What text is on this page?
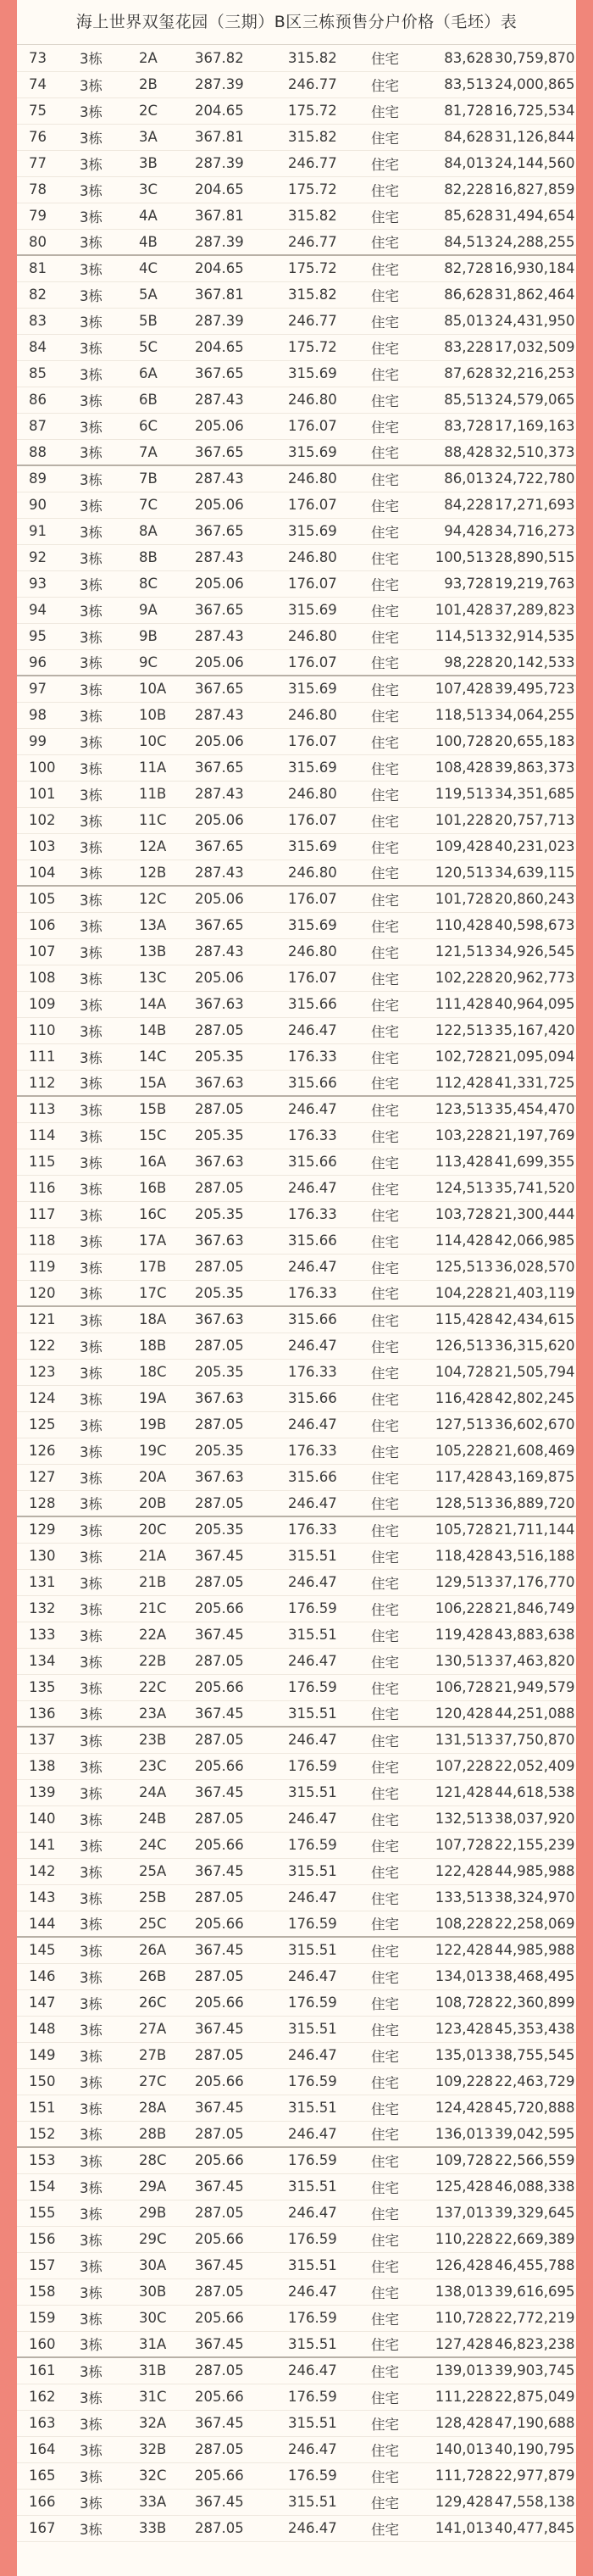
海上世界双玺花园（三期）B区三栋预售分户价格（毛坯）表
73	3栋	2A	367.82	315.82	住宅	83,628	30,759,870
74	3栋	2B	287.39	246.77	住宅	83,513	24,000,865
75	3栋	2C	204.65	175.72	住宅	81,728	16,725,534
76	3栋	3A	367.81	315.82	住宅	84,628	31,126,844
77	3栋	3B	287.39	246.77	住宅	84,013	24,144,560
78	3栋	3C	204.65	175.72	住宅	82,228	16,827,859
79	3栋	4A	367.81	315.82	住宅	85,628	31,494,654
80	3栋	4B	287.39	246.77	住宅	84,513	24,288,255
81	3栋	4C	204.65	175.72	住宅	82,728	16,930,184
82	3栋	5A	367.81	315.82	住宅	86,628	31,862,464
83	3栋	5B	287.39	246.77	住宅	85,013	24,431,950
84	3栋	5C	204.65	175.72	住宅	83,228	17,032,509
85	3栋	6A	367.65	315.69	住宅	87,628	32,216,253
86	3栋	6B	287.43	246.80	住宅	85,513	24,579,065
87	3栋	6C	205.06	176.07	住宅	83,728	17,169,163
88	3栋	7A	367.65	315.69	住宅	88,428	32,510,373
89	3栋	7B	287.43	246.80	住宅	86,013	24,722,780
90	3栋	7C	205.06	176.07	住宅	84,228	17,271,693
91	3栋	8A	367.65	315.69	住宅	94,428	34,716,273
92	3栋	8B	287.43	246.80	住宅	100,513	28,890,515
93	3栋	8C	205.06	176.07	住宅	93,728	19,219,763
94	3栋	9A	367.65	315.69	住宅	101,428	37,289,823
95	3栋	9B	287.43	246.80	住宅	114,513	32,914,535
96	3栋	9C	205.06	176.07	住宅	98,228	20,142,533
97	3栋	10A	367.65	315.69	住宅	107,428	39,495,723
98	3栋	10B	287.43	246.80	住宅	118,513	34,064,255
99	3栋	10C	205.06	176.07	住宅	100,728	20,655,183
100	3栋	11A	367.65	315.69	住宅	108,428	39,863,373
101	3栋	11B	287.43	246.80	住宅	119,513	34,351,685
102	3栋	11C	205.06	176.07	住宅	101,228	20,757,713
103	3栋	12A	367.65	315.69	住宅	109,428	40,231,023
104	3栋	12B	287.43	246.80	住宅	120,513	34,639,115
105	3栋	12C	205.06	176.07	住宅	101,728	20,860,243
106	3栋	13A	367.65	315.69	住宅	110,428	40,598,673
107	3栋	13B	287.43	246.80	住宅	121,513	34,926,545
108	3栋	13C	205.06	176.07	住宅	102,228	20,962,773
109	3栋	14A	367.63	315.66	住宅	111,428	40,964,095
110	3栋	14B	287.05	246.47	住宅	122,513	35,167,420
111	3栋	14C	205.35	176.33	住宅	102,728	21,095,094
112	3栋	15A	367.63	315.66	住宅	112,428	41,331,725
113	3栋	15B	287.05	246.47	住宅	123,513	35,454,470
114	3栋	15C	205.35	176.33	住宅	103,228	21,197,769
115	3栋	16A	367.63	315.66	住宅	113,428	41,699,355
116	3栋	16B	287.05	246.47	住宅	124,513	35,741,520
117	3栋	16C	205.35	176.33	住宅	103,728	21,300,444
118	3栋	17A	367.63	315.66	住宅	114,428	42,066,985
119	3栋	17B	287.05	246.47	住宅	125,513	36,028,570
120	3栋	17C	205.35	176.33	住宅	104,228	21,403,119
121	3栋	18A	367.63	315.66	住宅	115,428	42,434,615
122	3栋	18B	287.05	246.47	住宅	126,513	36,315,620
123	3栋	18C	205.35	176.33	住宅	104,728	21,505,794
124	3栋	19A	367.63	315.66	住宅	116,428	42,802,245
125	3栋	19B	287.05	246.47	住宅	127,513	36,602,670
126	3栋	19C	205.35	176.33	住宅	105,228	21,608,469
127	3栋	20A	367.63	315.66	住宅	117,428	43,169,875
128	3栋	20B	287.05	246.47	住宅	128,513	36,889,720
129	3栋	20C	205.35	176.33	住宅	105,728	21,711,144
130	3栋	21A	367.45	315.51	住宅	118,428	43,516,188
131	3栋	21B	287.05	246.47	住宅	129,513	37,176,770
132	3栋	21C	205.66	176.59	住宅	106,228	21,846,749
133	3栋	22A	367.45	315.51	住宅	119,428	43,883,638
134	3栋	22B	287.05	246.47	住宅	130,513	37,463,820
135	3栋	22C	205.66	176.59	住宅	106,728	21,949,579
136	3栋	23A	367.45	315.51	住宅	120,428	44,251,088
137	3栋	23B	287.05	246.47	住宅	131,513	37,750,870
138	3栋	23C	205.66	176.59	住宅	107,228	22,052,409
139	3栋	24A	367.45	315.51	住宅	121,428	44,618,538
140	3栋	24B	287.05	246.47	住宅	132,513	38,037,920
141	3栋	24C	205.66	176.59	住宅	107,728	22,155,239
142	3栋	25A	367.45	315.51	住宅	122,428	44,985,988
143	3栋	25B	287.05	246.47	住宅	133,513	38,324,970
144	3栋	25C	205.66	176.59	住宅	108,228	22,258,069
145	3栋	26A	367.45	315.51	住宅	122,428	44,985,988
146	3栋	26B	287.05	246.47	住宅	134,013	38,468,495
147	3栋	26C	205.66	176.59	住宅	108,728	22,360,899
148	3栋	27A	367.45	315.51	住宅	123,428	45,353,438
149	3栋	27B	287.05	246.47	住宅	135,013	38,755,545
150	3栋	27C	205.66	176.59	住宅	109,228	22,463,729
151	3栋	28A	367.45	315.51	住宅	124,428	45,720,888
152	3栋	28B	287.05	246.47	住宅	136,013	39,042,595
153	3栋	28C	205.66	176.59	住宅	109,728	22,566,559
154	3栋	29A	367.45	315.51	住宅	125,428	46,088,338
155	3栋	29B	287.05	246.47	住宅	137,013	39,329,645
156	3栋	29C	205.66	176.59	住宅	110,228	22,669,389
157	3栋	30A	367.45	315.51	住宅	126,428	46,455,788
158	3栋	30B	287.05	246.47	住宅	138,013	39,616,695
159	3栋	30C	205.66	176.59	住宅	110,728	22,772,219
160	3栋	31A	367.45	315.51	住宅	127,428	46,823,238
161	3栋	31B	287.05	246.47	住宅	139,013	39,903,745
162	3栋	31C	205.66	176.59	住宅	111,228	22,875,049
163	3栋	32A	367.45	315.51	住宅	128,428	47,190,688
164	3栋	32B	287.05	246.47	住宅	140,013	40,190,795
165	3栋	32C	205.66	176.59	住宅	111,728	22,977,879
166	3栋	33A	367.45	315.51	住宅	129,428	47,558,138
167	3栋	33B	287.05	246.47	住宅	141,013	40,477,845
